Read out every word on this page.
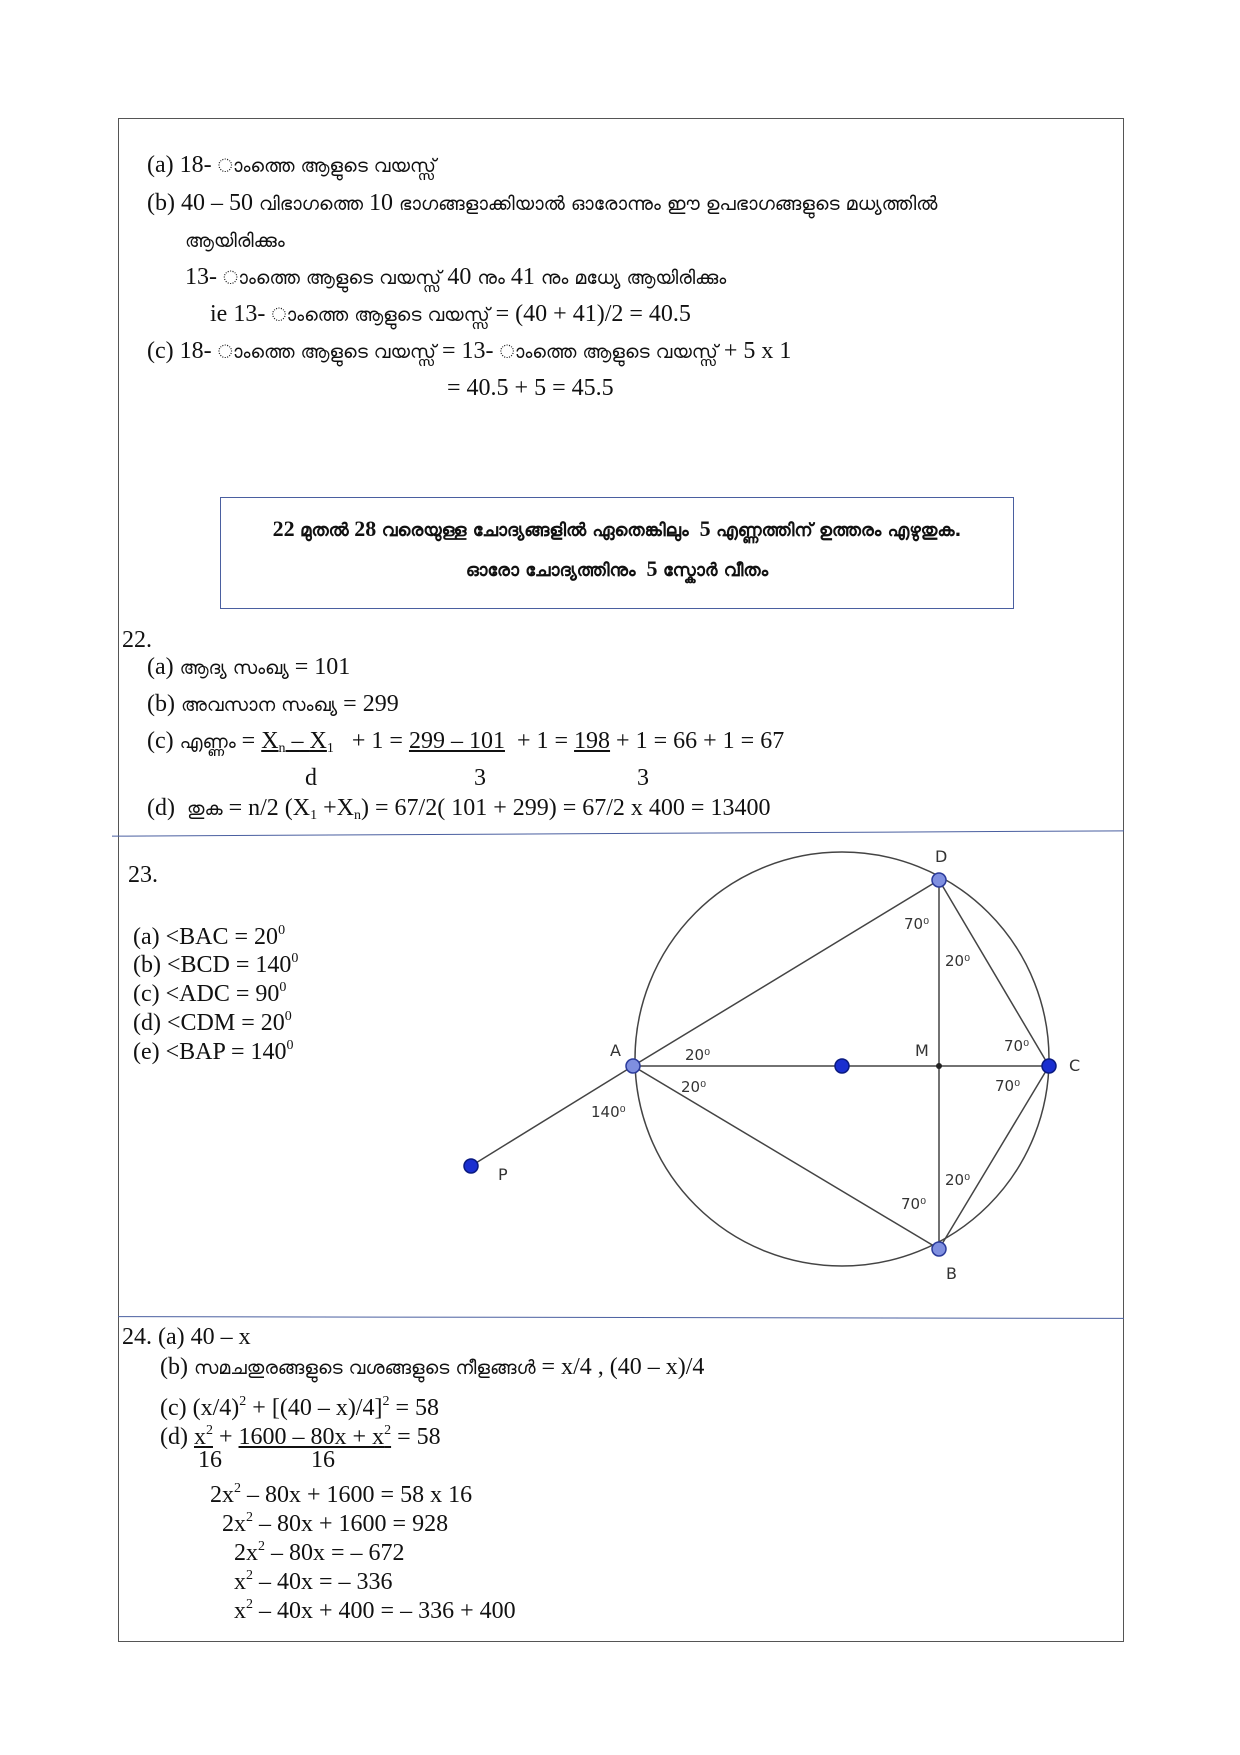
(a) 18- ാംത്തെ ആളുടെ വയസ്സ്
(b) 40 – 50 വിഭാഗത്തെ 10 ഭാഗങ്ങളാക്കിയാൽ ഓരോന്നും ഈ ഉപഭാഗങ്ങളുടെ മധ്യത്തിൽ
ആയിരിക്കും
13- ാംത്തെ ആളുടെ വയസ്സ് 40 നും 41 നും മധ്യേ ആയിരിക്കും
ie 13- ാംത്തെ ആളുടെ വയസ്സ് = (40 + 41)/2 = 40.5
(c) 18- ാംത്തെ ആളുടെ വയസ്സ് = 13- ാംത്തെ ആളുടെ വയസ്സ് + 5 x 1
= 40.5 + 5 = 45.5
22 മുതൽ 28 വരെയുള്ള ചോദ്യങ്ങളിൽ ഏതെങ്കിലും 5 എണ്ണത്തിന് ഉത്തരം എഴുതുക.
ഓരോ ചോദ്യത്തിനും 5 സ്കോർ വീതം
22.
(a) ആദ്യ സംഖ്യ = 101
(b) അവസാന സംഖ്യ = 299
(c) എണ്ണം = $X_n - X_1 + 1 = 299 - 101 + 1 = 198 + 1 = 66 + 1 = 67$
d	3	3
(d) തുക = n/2 $(X_1 +X_n) = 67/2$( 101 + 299) = 67/2 x 400 = 13400
23.
$(a) <BAC = 20^0$
$(b) <BCD = 140^0$
$(c) <ADC = 90^0$
$(d) <CDM = 20^0$
$(e) <BAP = 140^0$
D
A
C
B
M
P
70⁰
20⁰
70⁰
70⁰
20⁰
20⁰
140⁰
70⁰
20⁰
24. (a) 40 – x
(b) സമചതുരങ്ങളുടെ വശങ്ങളുടെ നീളങ്ങൾ = x/4 , (40 – x)/4
(c) $(x/4)^2 + [(40 - x)/4]^2 = 58$
(d) $x^2 + 1600 - 80x + x^2 = 58$
16	16
$2x^2 - 80x + 1600 = 58$ x 16
$2x^2 - 80x + 1600 = 928$
$2x^2 - 80x$ = – 672
$x^2 - 40x$ = – 336
$x^2 - 40x + 400$ = – 336 + 400
